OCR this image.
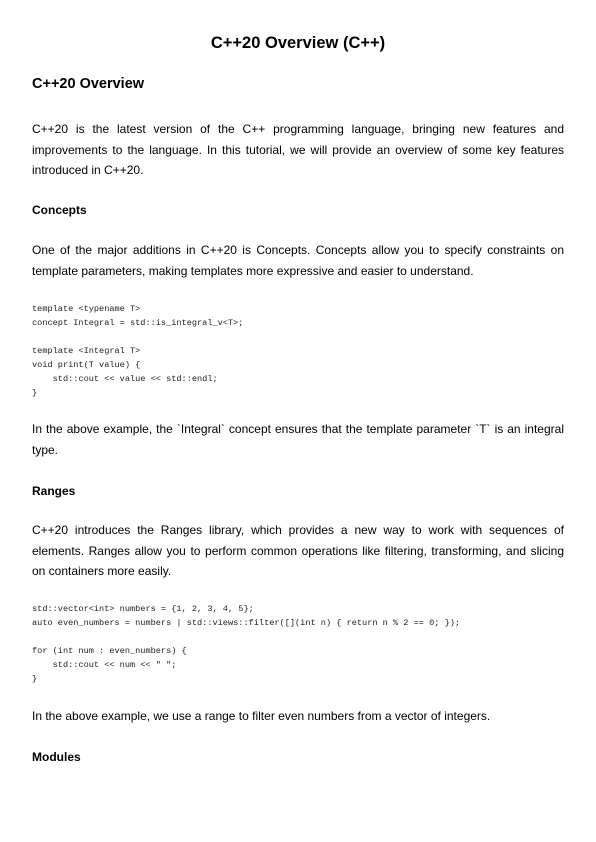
C++20 Overview (C++)
C++20 Overview

C++20 is the latest version of the C++ programming language, bringing new features and improvements to the language. In this tutorial, we will provide an overview of some key features introduced in C++20.

Concepts

One of the major additions in C++20 is Concepts. Concepts allow you to specify constraints on template parameters, making templates more expressive and easier to understand.

template <typename T>
concept Integral = std::is_integral_v<T>;

template <Integral T>
void print(T value) {
std::cout << value << std::endl;
}

In the above example, the `Integral` concept ensures that the template parameter `T` is an integral type.

Ranges

C++20 introduces the Ranges library, which provides a new way to work with sequences of elements. Ranges allow you to perform common operations like filtering, transforming, and slicing on containers more easily.

std::vector<int> numbers = {1, 2, 3, 4, 5};
auto even_numbers = numbers | std::views::filter([](int n) { return n % 2 == 0; });

for (int num : even_numbers) {
std::cout << num << " ";
}

In the above example, we use a range to filter even numbers from a vector of integers.

Modules
